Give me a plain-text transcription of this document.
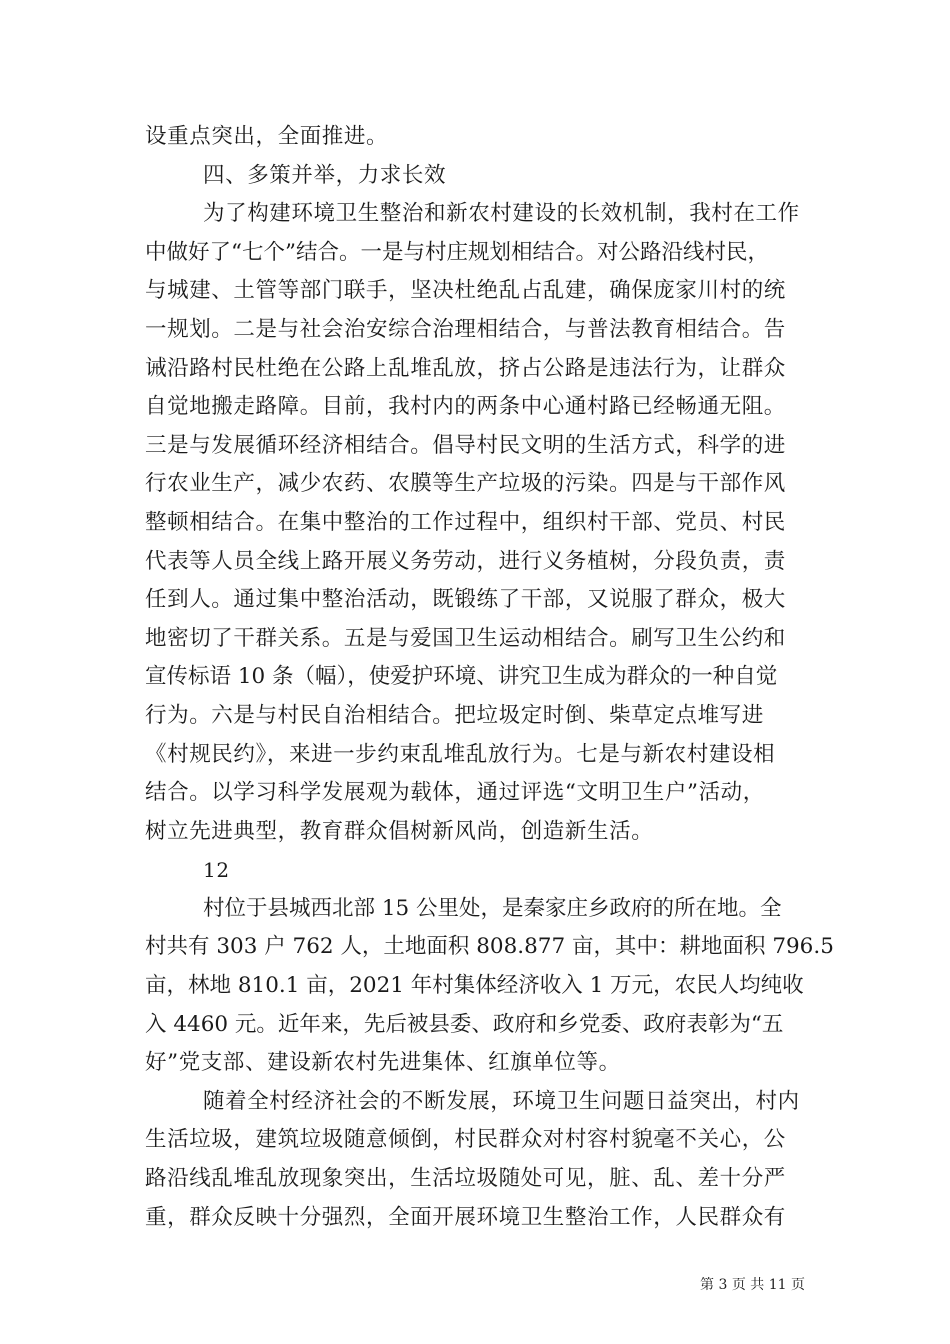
设重点突出，全面推进。
四、多策并举，力求长效
为了构建环境卫生整治和新农村建设的长效机制，我村在工作
中做好了“七个”结合。一是与村庄规划相结合。对公路沿线村民，
与城建、土管等部门联手，坚决杜绝乱占乱建，确保庞家川村的统
一规划。二是与社会治安综合治理相结合，与普法教育相结合。告
诫沿路村民杜绝在公路上乱堆乱放，挤占公路是违法行为，让群众
自觉地搬走路障。目前，我村内的两条中心通村路已经畅通无阻。
三是与发展循环经济相结合。倡导村民文明的生活方式，科学的进
行农业生产，减少农药、农膜等生产垃圾的污染。四是与干部作风
整顿相结合。在集中整治的工作过程中，组织村干部、党员、村民
代表等人员全线上路开展义务劳动，进行义务植树，分段负责，责
任到人。通过集中整治活动，既锻练了干部，又说服了群众，极大
地密切了干群关系。五是与爱国卫生运动相结合。刷写卫生公约和
宣传标语 10 条（幅），使爱护环境、讲究卫生成为群众的一种自觉
行为。六是与村民自治相结合。把垃圾定时倒、柴草定点堆写进
《村规民约》，来进一步约束乱堆乱放行为。七是与新农村建设相
结合。以学习科学发展观为载体，通过评选“文明卫生户”活动，
树立先进典型，教育群众倡树新风尚，创造新生活。
12
村位于县城西北部 15 公里处，是秦家庄乡政府的所在地。全
村共有 303 户 762 人，土地面积 808.877 亩，其中：耕地面积 796.5
亩，林地 810.1 亩，2021 年村集体经济收入 1 万元，农民人均纯收
入 4460 元。近年来，先后被县委、政府和乡党委、政府表彰为“五
好”党支部、建设新农村先进集体、红旗单位等。
随着全村经济社会的不断发展，环境卫生问题日益突出，村内
生活垃圾，建筑垃圾随意倾倒，村民群众对村容村貌毫不关心，公
路沿线乱堆乱放现象突出，生活垃圾随处可见，脏、乱、差十分严
重，群众反映十分强烈，全面开展环境卫生整治工作，人民群众有
第 3 页 共 11 页
